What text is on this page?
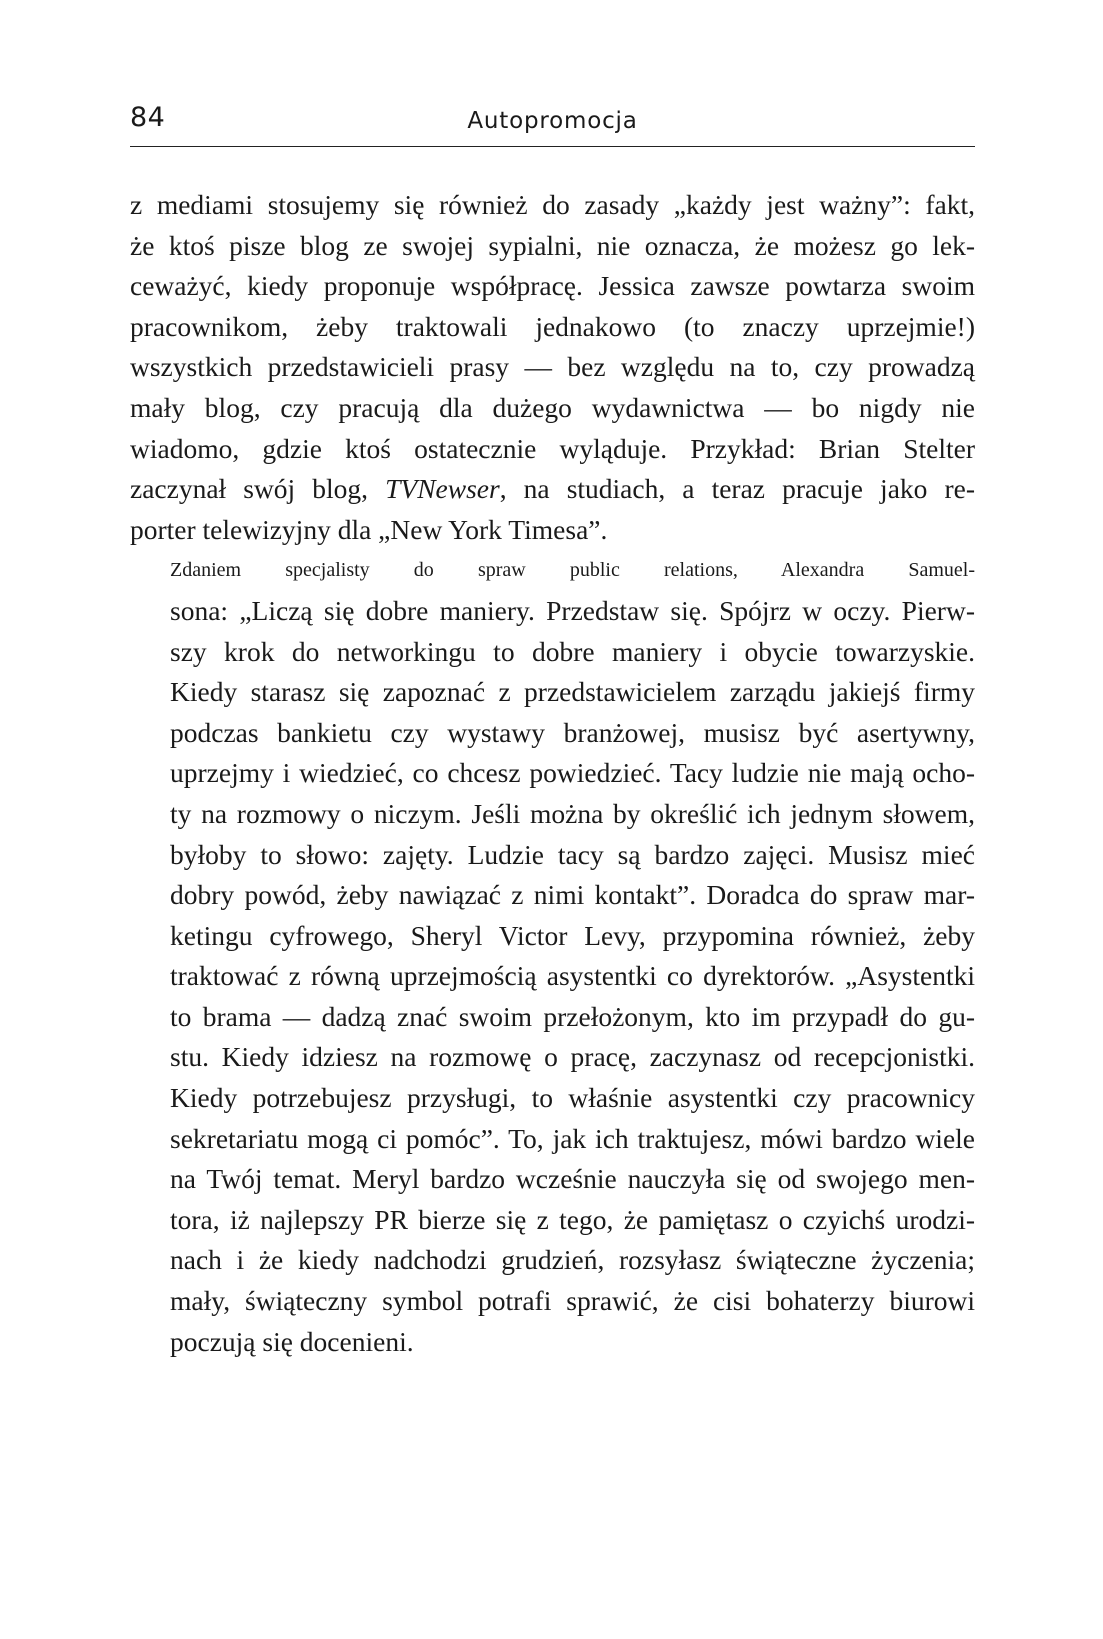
84	Autopromocja

z mediami stosujemy się również do zasady „każdy jest ważny”: fakt,
że ktoś pisze blog ze swojej sypialni, nie oznacza, że możesz go lek-
ceważyć, kiedy proponuje współpracę. Jessica zawsze powtarza swoim
pracownikom, żeby traktowali jednakowo (to znaczy uprzejmie!)
wszystkich przedstawicieli prasy — bez względu na to, czy prowadzą
mały blog, czy pracują dla dużego wydawnictwa — bo nigdy nie
wiadomo, gdzie ktoś ostatecznie wyląduje. Przykład: Brian Stelter
zaczynał swój blog, TVNewser, na studiach, a teraz pracuje jako re-
porter telewizyjny dla „New York Timesa”.

Zdaniem specjalisty do spraw public relations, Alexandra Samuel-
sona: „Liczą się dobre maniery. Przedstaw się. Spójrz w oczy. Pierw-
szy krok do networkingu to dobre maniery i obycie towarzyskie.
Kiedy starasz się zapoznać z przedstawicielem zarządu jakiejś firmy
podczas bankietu czy wystawy branżowej, musisz być asertywny,
uprzejmy i wiedzieć, co chcesz powiedzieć. Tacy ludzie nie mają ocho-
ty na rozmowy o niczym. Jeśli można by określić ich jednym słowem,
byłoby to słowo: zajęty. Ludzie tacy są bardzo zajęci. Musisz mieć
dobry powód, żeby nawiązać z nimi kontakt”. Doradca do spraw mar-
ketingu cyfrowego, Sheryl Victor Levy, przypomina również, żeby
traktować z równą uprzejmością asystentki co dyrektorów. „Asystentki
to brama — dadzą znać swoim przełożonym, kto im przypadł do gu-
stu. Kiedy idziesz na rozmowę o pracę, zaczynasz od recepcjonistki.
Kiedy potrzebujesz przysługi, to właśnie asystentki czy pracownicy
sekretariatu mogą ci pomóc”. To, jak ich traktujesz, mówi bardzo wiele
na Twój temat. Meryl bardzo wcześnie nauczyła się od swojego men-
tora, iż najlepszy PR bierze się z tego, że pamiętasz o czyichś urodzi-
nach i że kiedy nadchodzi grudzień, rozsyłasz świąteczne życzenia;
mały, świąteczny symbol potrafi sprawić, że cisi bohaterzy biurowi
poczują się docenieni.
